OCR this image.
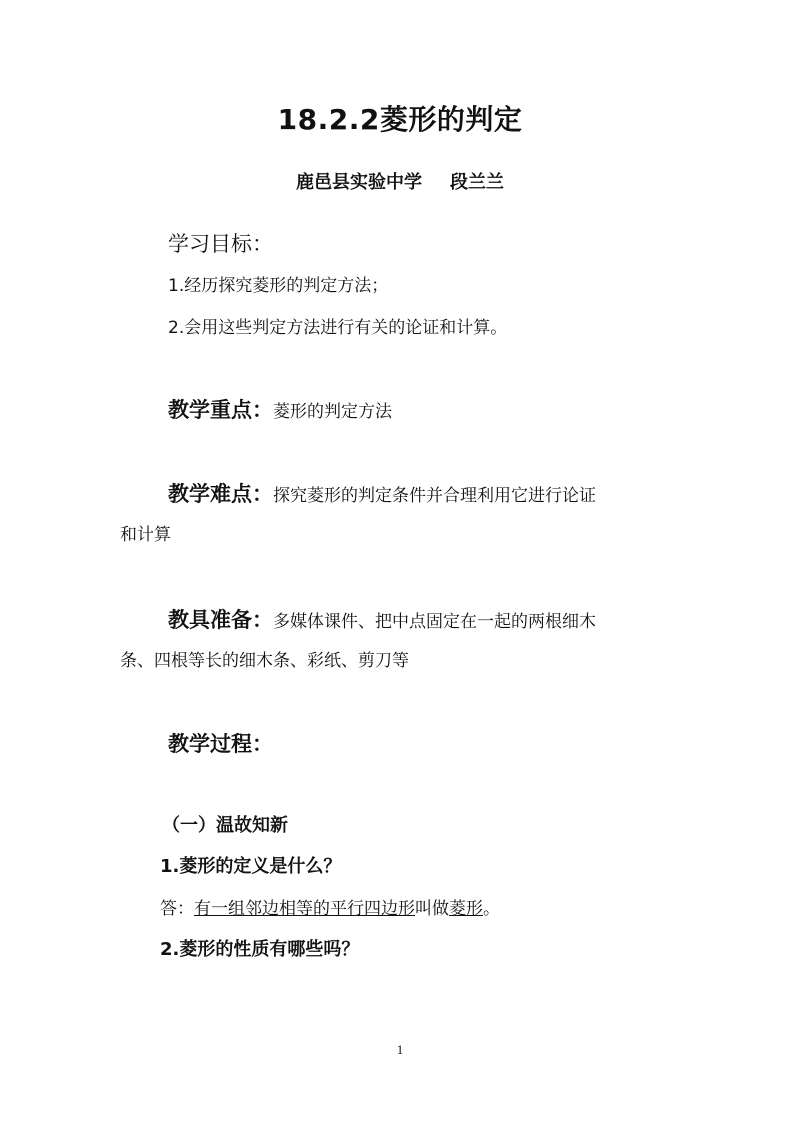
18.2.2菱形的判定
鹿邑县实验中学 段兰兰
学习目标：
1.经历探究菱形的判定方法；
2.会用这些判定方法进行有关的论证和计算。
教学重点：菱形的判定方法
教学难点：探究菱形的判定条件并合理利用它进行论证
和计算
教具准备：多媒体课件、把中点固定在一起的两根细木
条、四根等长的细木条、彩纸、剪刀等
教学过程：
（一）温故知新
1.菱形的定义是什么？
答：有一组邻边相等的平行四边形叫做菱形。
2.菱形的性质有哪些吗？
1
